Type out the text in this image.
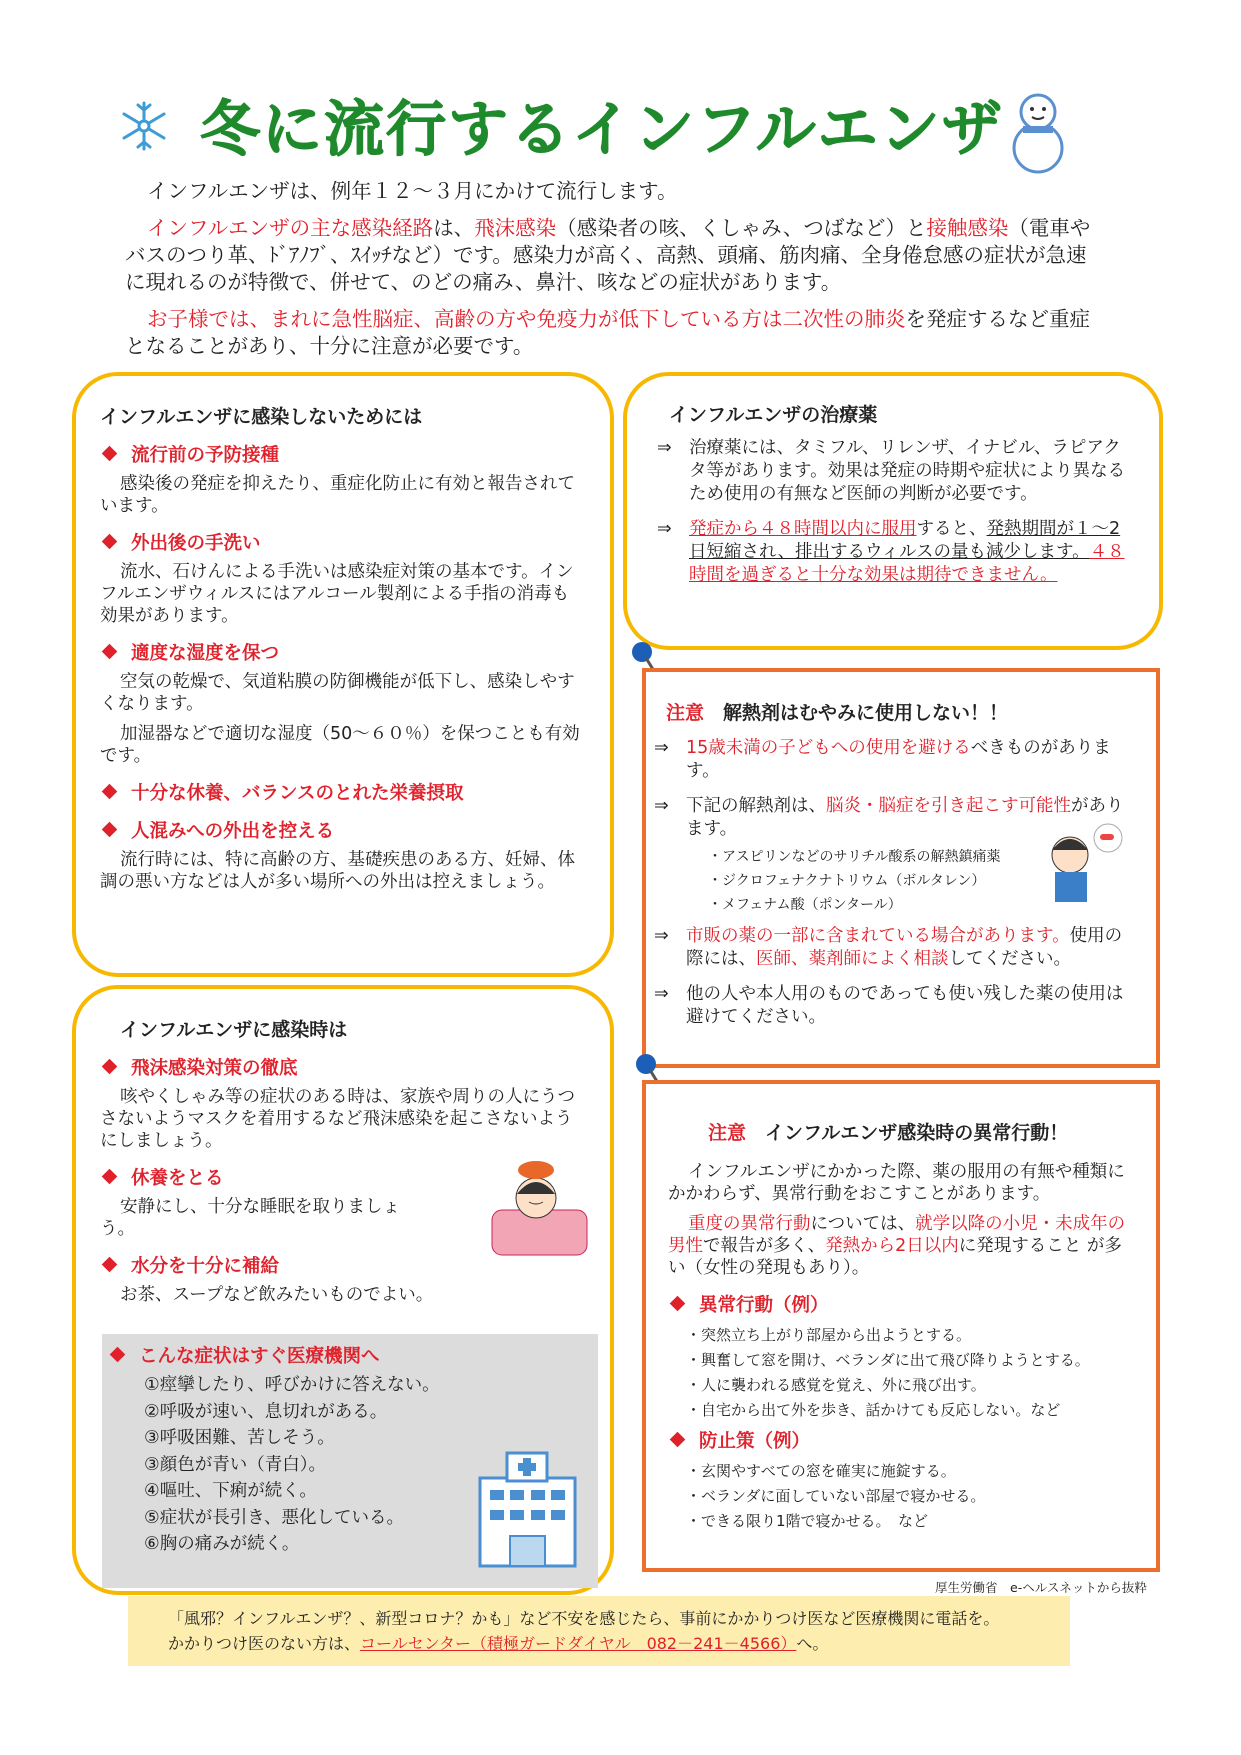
冬に流行するインフルエンザ

インフルエンザは、例年１２～３月にかけて流行します。

インフルエンザの主な感染経路は、飛沫感染（感染者の咳、くしゃみ、つばなど）と接触感染（電車やバスのつり革、ﾄﾞｱﾉﾌﾞ、ｽｲｯﾁなど）です。感染力が高く、高熱、頭痛、筋肉痛、全身倦怠感の症状が急速に現れるのが特徴で、併せて、のどの痛み、鼻汁、咳などの症状があります。

お子様では、まれに急性脳症、高齢の方や免疫力が低下している方は二次性の肺炎を発症するなど重症となることがあり、十分に注意が必要です。

インフルエンザに感染しないためには
流行前の予防接種
感染後の発症を抑えたり、重症化防止に有効と報告されています。
外出後の手洗い
流水、石けんによる手洗いは感染症対策の基本です。インフルエンザウィルスにはアルコール製剤による手指の消毒も効果があります。
適度な湿度を保つ
空気の乾燥で、気道粘膜の防御機能が低下し、感染しやすくなります。
加湿器などで適切な湿度（50～６０％）を保つことも有効です。
十分な休養、バランスのとれた栄養摂取
人混みへの外出を控える
流行時には、特に高齢の方、基礎疾患のある方、妊婦、体調の悪い方などは人が多い場所への外出は控えましょう。
インフルエンザに感染時は
飛沫感染対策の徹底
咳やくしゃみ等の症状のある時は、家族や周りの人にうつさないようマスクを着用するなど飛沫感染を起こさないようにしましょう。
休養をとる
安静にし、十分な睡眠を取りましょう。
水分を十分に補給
お茶、スープなど飲みたいものでよい。
こんな症状はすぐ医療機関へ
①痙攣したり、呼びかけに答えない。
②呼吸が速い、息切れがある。
③呼吸困難、苦しそう。
③顔色が青い（青白）。
④嘔吐、下痢が続く。
⑤症状が長引き、悪化している。
⑥胸の痛みが続く。
インフルエンザの治療薬
⇒ 治療薬には、タミフル、リレンザ、イナビル、ラピアクタ等があります。効果は発症の時期や症状により異なるため使用の有無など医師の判断が必要です。
⇒ 発症から４８時間以内に服用すると、発熱期間が１～2日短縮され、排出するウィルスの量も減少します。４８時間を過ぎると十分な効果は期待できません。
注意　 解熱剤はむやみに使用しない！！
⇒ 15歳未満の子どもへの使用を避けるべきものがあります。
⇒ 下記の解熱剤は、脳炎・脳症を引き起こす可能性があります。
・アスピリンなどのサリチル酸系の解熱鎮痛薬
・ジクロフェナクナトリウム（ボルタレン）
・メフェナム酸（ポンタール）
⇒ 市販の薬の一部に含まれている場合があります。使用の際には、医師、薬剤師によく相談してください。
⇒ 他の人や本人用のものであっても使い残した薬の使用は避けてください。
注意　 インフルエンザ感染時の異常行動！
インフルエンザにかかった際、薬の服用の有無や種類にかかわらず、異常行動をおこすことがあります。
重度の異常行動については、就学以降の小児・未成年の男性で報告が多く、発熱から2日以内に発現すること が多い（女性の発現もあり）。
異常行動（例）
・突然立ち上がり部屋から出ようとする。
・興奮して窓を開け、ベランダに出て飛び降りようとする。
・人に襲われる感覚を覚え、外に飛び出す。
・自宅から出て外を歩き、話かけても反応しない。など
防止策（例）
・玄関やすべての窓を確実に施錠する。
・ベランダに面していない部屋で寝かせる。
・できる限り1階で寝かせる。　など
厚生労働省　e-ヘルスネットから抜粋
「風邪？インフルエンザ？、新型コロナ？かも」など不安を感じたら、事前にかかりつけ医など医療機関に電話を。
かかりつけ医のない方は、コールセンター（積極ガードダイヤル　082－241－4566）へ。
